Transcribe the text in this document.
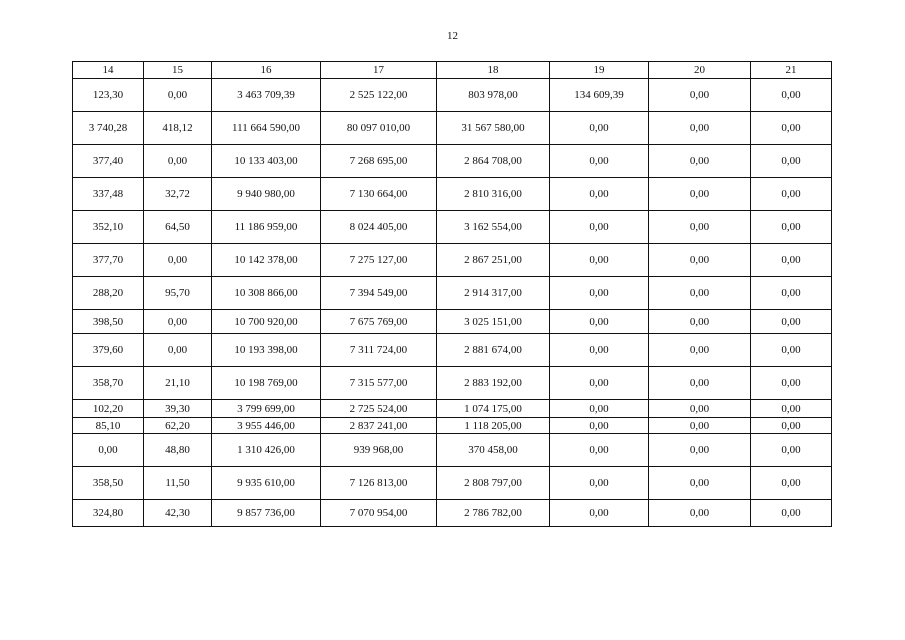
12
14	15	16	17	18	19	20	21
123,30	0,00	3 463 709,39	2 525 122,00	803 978,00	134 609,39	0,00	0,00
3 740,28	418,12	111 664 590,00	80 097 010,00	31 567 580,00	0,00	0,00	0,00
377,40	0,00	10 133 403,00	7 268 695,00	2 864 708,00	0,00	0,00	0,00
337,48	32,72	9 940 980,00	7 130 664,00	2 810 316,00	0,00	0,00	0,00
352,10	64,50	11 186 959,00	8 024 405,00	3 162 554,00	0,00	0,00	0,00
377,70	0,00	10 142 378,00	7 275 127,00	2 867 251,00	0,00	0,00	0,00
288,20	95,70	10 308 866,00	7 394 549,00	2 914 317,00	0,00	0,00	0,00
398,50	0,00	10 700 920,00	7 675 769,00	3 025 151,00	0,00	0,00	0,00
379,60	0,00	10 193 398,00	7 311 724,00	2 881 674,00	0,00	0,00	0,00
358,70	21,10	10 198 769,00	7 315 577,00	2 883 192,00	0,00	0,00	0,00
102,20	39,30	3 799 699,00	2 725 524,00	1 074 175,00	0,00	0,00	0,00
85,10	62,20	3 955 446,00	2 837 241,00	1 118 205,00	0,00	0,00	0,00
0,00	48,80	1 310 426,00	939 968,00	370 458,00	0,00	0,00	0,00
358,50	11,50	9 935 610,00	7 126 813,00	2 808 797,00	0,00	0,00	0,00
324,80	42,30	9 857 736,00	7 070 954,00	2 786 782,00	0,00	0,00	0,00
